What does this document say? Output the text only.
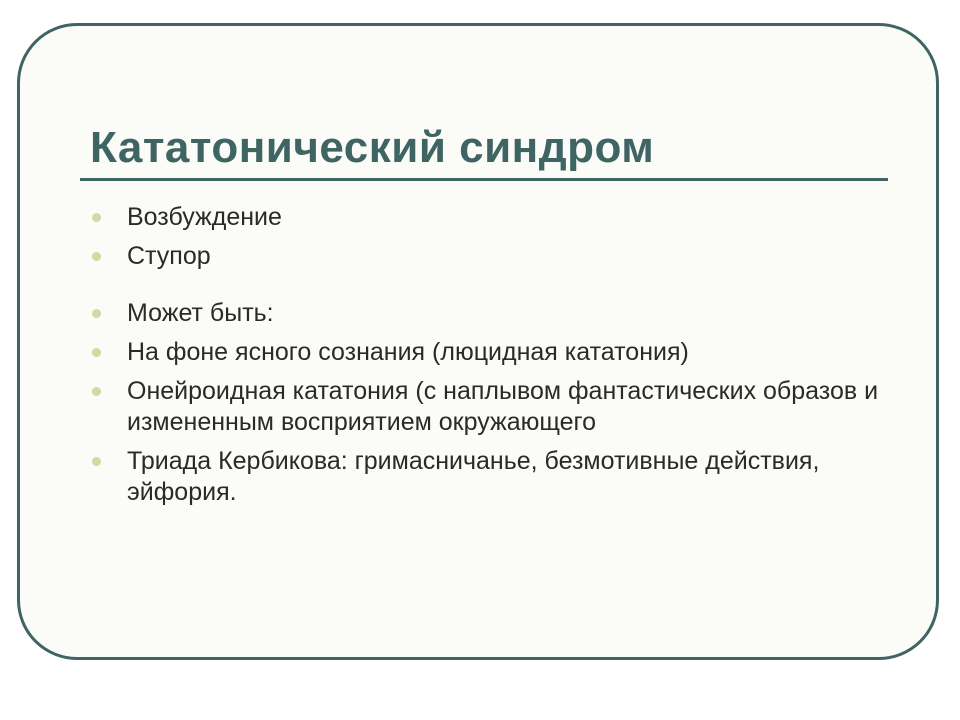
Кататонический синдром
Возбуждение
Ступор
Может быть:
На фоне ясного сознания (люцидная кататония)
Онейроидная кататония (с наплывом фантастических образов и измененным восприятием окружающего
Триада Кербикова: гримасничанье, безмотивные действия, эйфория.
